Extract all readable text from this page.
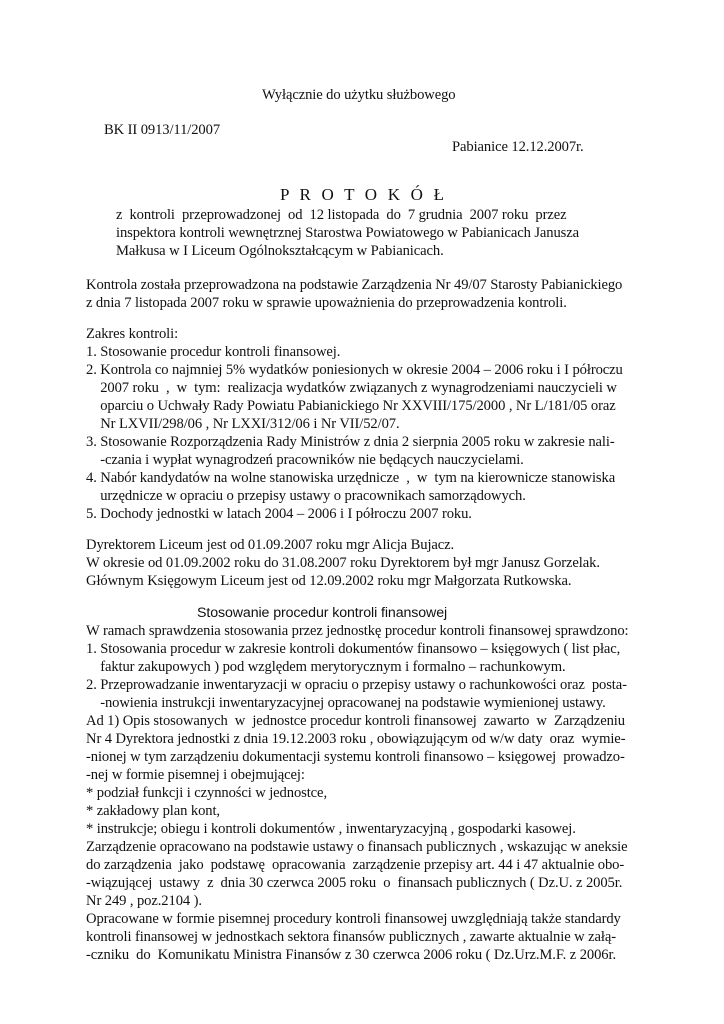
Wyłącznie do użytku służbowego
BK II 0913/11/2007
Pabianice 12.12.2007r.
P R O T O K Ó Ł
z  kontroli  przeprowadzonej  od  12 listopada  do  7 grudnia  2007 roku  przez
inspektora kontroli wewnętrznej Starostwa Powiatowego w Pabianicach Janusza
Małkusa w I Liceum Ogólnokształcącym w Pabianicach.
Kontrola została przeprowadzona na podstawie Zarządzenia Nr 49/07 Starosty Pabianickiego
z dnia 7 listopada 2007 roku w sprawie upoważnienia do przeprowadzenia kontroli.
Zakres kontroli:
1. Stosowanie procedur kontroli finansowej.
2. Kontrola co najmniej 5% wydatków poniesionych w okresie 2004 – 2006 roku i I półroczu
2007 roku  ,  w  tym:  realizacja wydatków związanych z wynagrodzeniami nauczycieli w
oparciu o Uchwały Rady Powiatu Pabianickiego Nr XXVIII/175/2000 , Nr L/181/05 oraz
Nr LXVII/298/06 , Nr LXXI/312/06 i Nr VII/52/07.
3. Stosowanie Rozporządzenia Rady Ministrów z dnia 2 sierpnia 2005 roku w zakresie nali-
-czania i wypłat wynagrodzeń pracowników nie będących nauczycielami.
4. Nabór kandydatów na wolne stanowiska urzędnicze  ,  w  tym na kierownicze stanowiska
urzędnicze w opraciu o przepisy ustawy o pracownikach samorządowych.
5. Dochody jednostki w latach 2004 – 2006 i I półroczu 2007 roku.
Dyrektorem Liceum jest od 01.09.2007 roku mgr Alicja Bujacz.
W okresie od 01.09.2002 roku do 31.08.2007 roku Dyrektorem był mgr Janusz Gorzelak.
Głównym Księgowym Liceum jest od 12.09.2002 roku mgr Małgorzata Rutkowska.
Stosowanie procedur kontroli finansowej
W ramach sprawdzenia stosowania przez jednostkę procedur kontroli finansowej sprawdzono:
1. Stosowania procedur w zakresie kontroli dokumentów finansowo – księgowych ( list płac,
faktur zakupowych ) pod względem merytorycznym i formalno – rachunkowym.
2. Przeprowadzanie inwentaryzacji w opraciu o przepisy ustawy o rachunkowości oraz  posta-
-nowienia instrukcji inwentaryzacyjnej opracowanej na podstawie wymienionej ustawy.
Ad 1) Opis stosowanych  w  jednostce procedur kontroli finansowej  zawarto  w  Zarządzeniu
Nr 4 Dyrektora jednostki z dnia 19.12.2003 roku , obowiązującym od w/w daty  oraz  wymie-
-nionej w tym zarządzeniu dokumentacji systemu kontroli finansowo – księgowej  prowadzo-
-nej w formie pisemnej i obejmującej:
* podział funkcji i czynności w jednostce,
* zakładowy plan kont,
* instrukcje; obiegu i kontroli dokumentów , inwentaryzacyjną , gospodarki kasowej.
Zarządzenie opracowano na podstawie ustawy o finansach publicznych , wskazując w aneksie
do zarządzenia  jako  podstawę  opracowania  zarządzenie przepisy art. 44 i 47 aktualnie obo-
-wiązującej  ustawy  z  dnia 30 czerwca 2005 roku  o  finansach publicznych ( Dz.U. z 2005r.
Nr 249 , poz.2104 ).
Opracowane w formie pisemnej procedury kontroli finansowej uwzględniają także standardy
kontroli finansowej w jednostkach sektora finansów publicznych , zawarte aktualnie w załą-
-czniku  do  Komunikatu Ministra Finansów z 30 czerwca 2006 roku ( Dz.Urz.M.F. z 2006r.
